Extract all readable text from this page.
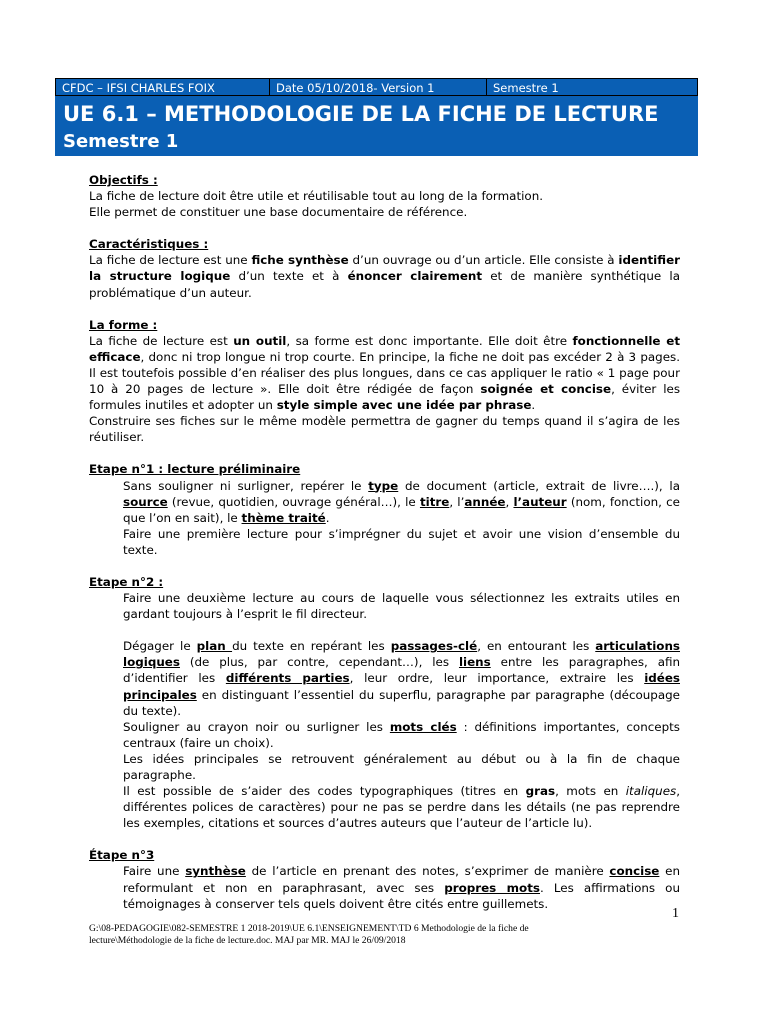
CFDC – IFSI CHARLES FOIX	Date 05/10/2018- Version 1	Semestre 1
UE 6.1 – METHODOLOGIE DE LA FICHE DE LECTURE
Semestre 1

Objectifs :

La fiche de lecture doit être utile et réutilisable tout au long de la formation.

Elle permet de constituer une base documentaire de référence.

Caractéristiques :

La fiche de lecture est une fiche synthèse d’un ouvrage ou d’un article. Elle consiste à identifier la structure logique d’un texte et à énoncer clairement et de manière synthétique la problématique d’un auteur.

La forme :

La fiche de lecture est un outil, sa forme est donc importante. Elle doit être fonctionnelle et efficace, donc ni trop longue ni trop courte. En principe, la fiche ne doit pas excéder 2 à 3 pages. Il est toutefois possible d’en réaliser des plus longues, dans ce cas appliquer le ratio « 1 page pour 10 à 20 pages de lecture ». Elle doit être rédigée de façon soignée et concise, éviter les formules inutiles et adopter un style simple avec une idée par phrase.

Construire ses fiches sur le même modèle permettra de gagner du temps quand il s’agira de les réutiliser.

Etape n°1 : lecture préliminaire

Sans souligner ni surligner, repérer le type de document (article, extrait de livre….), la source (revue, quotidien, ouvrage général…), le titre, l’année, l’auteur (nom, fonction, ce que l’on en sait), le thème traité.

Faire une première lecture pour s’imprégner du sujet et avoir une vision d’ensemble du texte.

Etape n°2 :

Faire une deuxième lecture au cours de laquelle vous sélectionnez les extraits utiles en gardant toujours à l’esprit le fil directeur.

Dégager le plan du texte en repérant les passages-clé, en entourant les articulations logiques (de plus, par contre, cependant…), les liens entre les paragraphes, afin d’identifier les différents parties, leur ordre, leur importance, extraire les idées principales en distinguant l’essentiel du superflu, paragraphe par paragraphe (découpage du texte).

Souligner au crayon noir ou surligner les mots clés : définitions importantes, concepts centraux (faire un choix).

Les idées principales se retrouvent généralement au début ou à la fin de chaque paragraphe.

Il est possible de s’aider des codes typographiques (titres en gras, mots en italiques, différentes polices de caractères) pour ne pas se perdre dans les détails (ne pas reprendre les exemples, citations et sources d’autres auteurs que l’auteur de l’article lu).

Étape n°3

Faire une synthèse de l’article en prenant des notes, s’exprimer de manière concise en reformulant et non en paraphrasant, avec ses propres mots. Les affirmations ou témoignages à conserver tels quels doivent être cités entre guillemets.

1
G:\08-PEDAGOGIE\082-SEMESTRE 1 2018-2019\UE 6.1\ENSEIGNEMENT\TD 6 Methodologie de la fiche de
lecture\Méthodologie de la fiche de lecture.doc. MAJ par MR. MAJ le 26/09/2018
